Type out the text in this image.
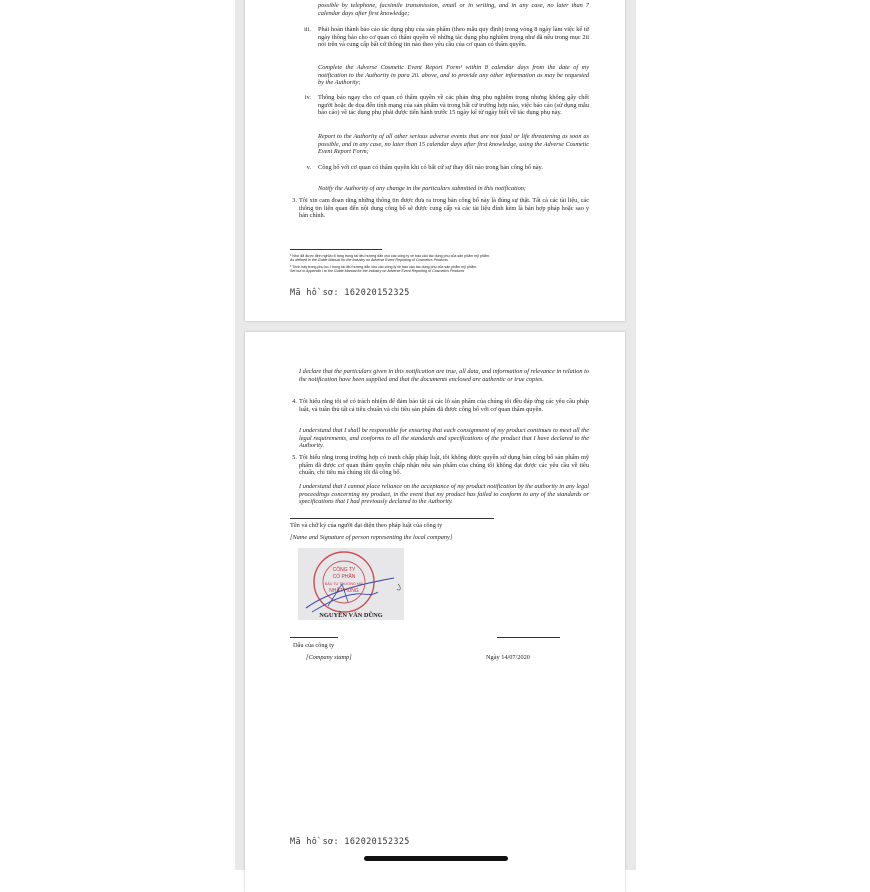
possible by telephone, facsimile transmission, email or in writing, and in any case, no later than 7 calendar days after first knowledge;
iii. Phải hoàn thành báo cáo tác dụng phụ của sản phẩm (theo mẫu quy định) trong vòng 8 ngày làm việc kể từ ngày thông báo cho cơ quan có thẩm quyền về những tác dụng phụ nghiêm trọng như đã nêu trong mục 2ii nói trên và cung cấp bất cứ thông tin nào theo yêu cầu của cơ quan có thẩm quyền.
Complete the Adverse Cosmetic Event Report Form¹ within 8 calendar days from the date of my notification to the Authority in para 2ii. above, and to provide any other information as may be requested by the Authority;
iv. Thông báo ngay cho cơ quan có thẩm quyền về các phản ứng phụ nghiêm trọng nhưng không gây chết người hoặc đe dọa đến tính mạng của sản phẩm và trong bất cứ trường hợp nào, việc báo cáo (sử dụng mẫu báo cáo) về tác dụng phụ phải được tiến hành trước 15 ngày kể từ ngày biết về tác dụng phụ này.
Report to the Authority of all other serious adverse events that are not fatal or life threatening as soon as possible, and in any case, no later than 15 calendar days after first knowledge, using the Adverse Cosmetic Event Report Form;
v. Công bố với cơ quan có thẩm quyền khi có bất cứ sự thay đổi nào trong bản công bố này.
Notify the Authority of any change in the particulars submitted in this notification;
3. Tôi xin cam đoan rằng những thông tin được đưa ra trong bản công bố này là đúng sự thật. Tất cả các tài liệu, các thông tin liên quan đến nội dung công bố sẽ được cung cấp và các tài liệu đính kèm là bản hợp pháp hoặc sao y bản chính.
¹ Như đã được định nghĩa rõ ràng trong tài liệu hướng dẫn cho các công ty về báo cáo tác dụng phụ của sản phẩm mỹ phẩm.
As defined in the Guide Manual for the Industry on Adverse Event Reporting of Cosmetics Products
² Trình bày trong phụ lục I trong tài liệu hướng dẫn cho các công ty về báo cáo tác dụng phụ của sản phẩm mỹ phẩm.
Set out in Appendix I to the Guide Manual for the Industry on Adverse Event Reporting of Cosmetics Products
Mã hồ sơ: 162020152325
I declare that the particulars given in this notification are true, all data, and information of relevance in relation to the notification have been supplied and that the documents enclosed are authentic or true copies.
4. Tôi hiểu rằng tôi sẽ có trách nhiệm để đảm bảo tất cả các lô sản phẩm của chúng tôi đều đáp ứng các yêu cầu pháp luật, và tuân thủ tất cả tiêu chuẩn và chỉ tiêu sản phẩm đã được công bố với cơ quan thẩm quyền.
I understand that I shall be responsible for ensuring that each consignment of my product continues to meet all the legal requirements, and conforms to all the standards and specifications of the product that I have declared to the Authority.
5. Tôi hiểu rằng trong trường hợp có tranh chấp pháp luật, tôi không được quyền sử dụng bản công bố sản phẩm mỹ phẩm đã được cơ quan thẩm quyền chấp nhận nếu sản phẩm của chúng tôi không đạt được các yêu cầu về tiêu chuẩn, chỉ tiêu mà chúng tôi đã công bố.
I understand that I cannot place reliance on the acceptance of my product notification by the authority in any legal proceedings concerning my product, in the event that my product has failed to conform to any of the standards or specifications that I had previously declared to the Authority.
Tên và chữ ký của người đại diện theo pháp luật của công ty
[Name and Signature of person representing the local company]
CÔNG TY
CỔ PHẦN
ĐẦU TƯ THƯƠNG MẠI
NHẬT HÙNG
NGUYỄN VĂN DŨNG
Dấu của công ty
[Company stamp]	Ngày 14/07/2020
Mã hồ sơ: 162020152325
